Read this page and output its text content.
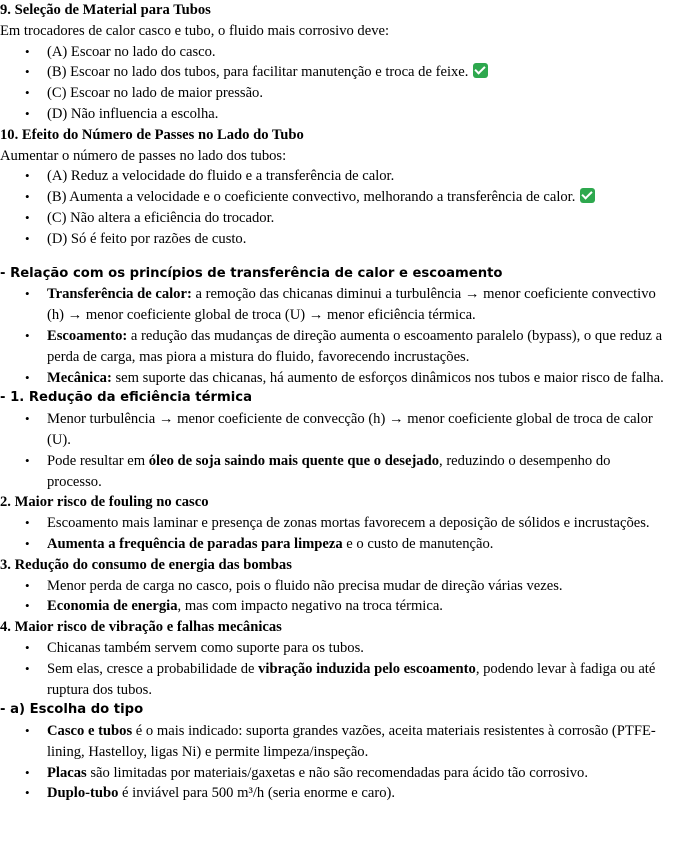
9. Seleção de Material para Tubos
Em trocadores de calor casco e tubo, o fluido mais corrosivo deve:
• (A) Escoar no lado do casco.
• (B) Escoar no lado dos tubos, para facilitar manutenção e troca de feixe.
• (C) Escoar no lado de maior pressão.
• (D) Não influencia a escolha.
10. Efeito do Número de Passes no Lado do Tubo
Aumentar o número de passes no lado dos tubos:
• (A) Reduz a velocidade do fluido e a transferência de calor.
• (B) Aumenta a velocidade e o coeficiente convectivo, melhorando a transferência de calor.
• (C) Não altera a eficiência do trocador.
• (D) Só é feito por razões de custo.
- Relação com os princípios de transferência de calor e escoamento
• Transferência de calor: a remoção das chicanas diminui a turbulência → menor coeficiente convectivo (h) → menor coeficiente global de troca (U) → menor eficiência térmica.
• Escoamento: a redução das mudanças de direção aumenta o escoamento paralelo (bypass), o que reduz a perda de carga, mas piora a mistura do fluido, favorecendo incrustações.
• Mecânica: sem suporte das chicanas, há aumento de esforços dinâmicos nos tubos e maior risco de falha.
- 1. Redução da eficiência térmica
• Menor turbulência → menor coeficiente de convecção (h) → menor coeficiente global de troca de calor (U).
• Pode resultar em óleo de soja saindo mais quente que o desejado, reduzindo o desempenho do processo.
2. Maior risco de fouling no casco
• Escoamento mais laminar e presença de zonas mortas favorecem a deposição de sólidos e incrustações.
• Aumenta a frequência de paradas para limpeza e o custo de manutenção.
3. Redução do consumo de energia das bombas
• Menor perda de carga no casco, pois o fluido não precisa mudar de direção várias vezes.
• Economia de energia, mas com impacto negativo na troca térmica.
4. Maior risco de vibração e falhas mecânicas
• Chicanas também servem como suporte para os tubos.
• Sem elas, cresce a probabilidade de vibração induzida pelo escoamento, podendo levar à fadiga ou até ruptura dos tubos.
- a) Escolha do tipo
• Casco e tubos é o mais indicado: suporta grandes vazões, aceita materiais resistentes à corrosão (PTFE-lining, Hastelloy, ligas Ni) e permite limpeza/inspeção.
• Placas são limitadas por materiais/gaxetas e não são recomendadas para ácido tão corrosivo.
• Duplo-tubo é inviável para 500 m³/h (seria enorme e caro).
